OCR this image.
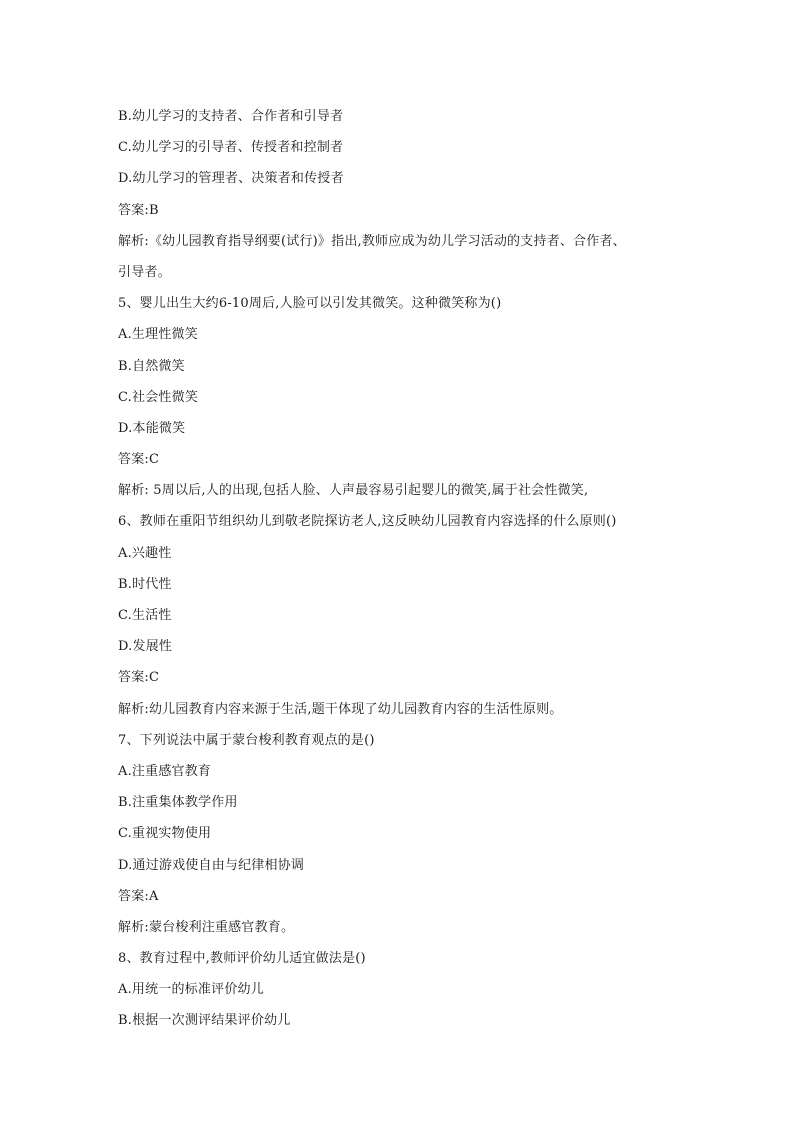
B.幼儿学习的支持者、合作者和引导者
C.幼儿学习的引导者、传授者和控制者
D.幼儿学习的管理者、决策者和传授者
答案:B
解析:《幼儿园教育指导纲要(试行)》指出,教师应成为幼儿学习活动的支持者、合作者、
引导者。
5、婴儿出生大约6-10周后,人脸可以引发其微笑。这种微笑称为()
A.生理性微笑
B.自然微笑
C.社会性微笑
D.本能微笑
答案:C
解析: 5周以后,人的出现,包括人脸、人声最容易引起婴儿的微笑,属于社会性微笑,
6、教师在重阳节组织幼儿到敬老院探访老人,这反映幼儿园教育内容选择的什么原则()
A.兴趣性
B.时代性
C.生活性
D.发展性
答案:C
解析:幼儿园教育内容来源于生活,题干体现了幼儿园教育内容的生活性原则。
7、下列说法中属于蒙台梭利教育观点的是()
A.注重感官教育
B.注重集体教学作用
C.重视实物使用
D.通过游戏使自由与纪律相协调
答案:A
解析:蒙台梭利注重感官教育。
8、教育过程中,教师评价幼儿适宜做法是()
A.用统一的标准评价幼儿
B.根据一次测评结果评价幼儿
